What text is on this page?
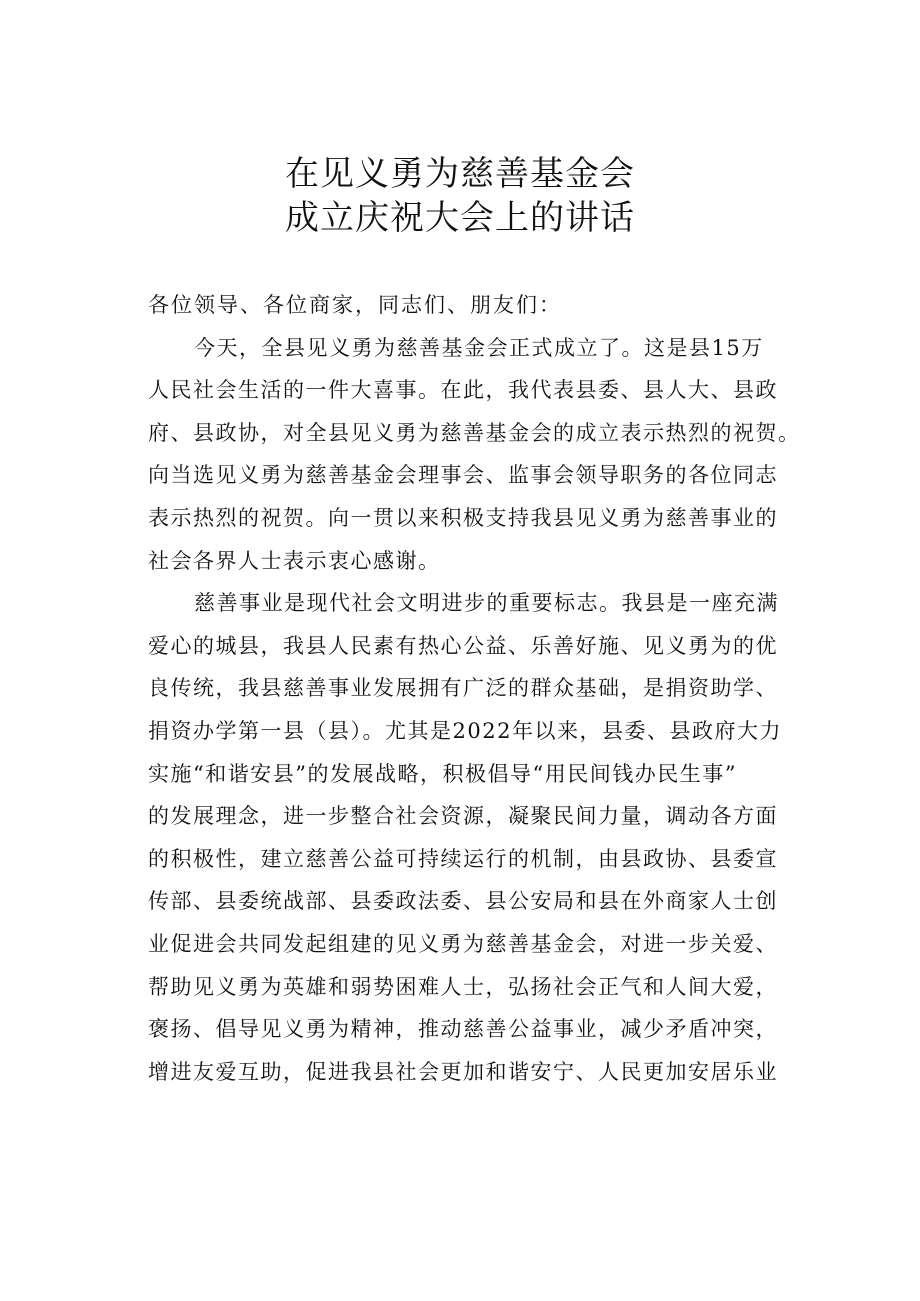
在见义勇为慈善基金会
成立庆祝大会上的讲话
各位领导、各位商家，同志们、朋友们：
今天，全县见义勇为慈善基金会正式成立了。这是县15万
人民社会生活的一件大喜事。在此，我代表县委、县人大、县政
府、县政协，对全县见义勇为慈善基金会的成立表示热烈的祝贺。
向当选见义勇为慈善基金会理事会、监事会领导职务的各位同志
表示热烈的祝贺。向一贯以来积极支持我县见义勇为慈善事业的
社会各界人士表示衷心感谢。
慈善事业是现代社会文明进步的重要标志。我县是一座充满
爱心的城县，我县人民素有热心公益、乐善好施、见义勇为的优
良传统，我县慈善事业发展拥有广泛的群众基础，是捐资助学、
捐资办学第一县（县）。尤其是2022年以来，县委、县政府大力
实施“和谐安县”的发展战略，积极倡导“用民间钱办民生事”
的发展理念，进一步整合社会资源，凝聚民间力量，调动各方面
的积极性，建立慈善公益可持续运行的机制，由县政协、县委宣
传部、县委统战部、县委政法委、县公安局和县在外商家人士创
业促进会共同发起组建的见义勇为慈善基金会，对进一步关爱、
帮助见义勇为英雄和弱势困难人士，弘扬社会正气和人间大爱，
褒扬、倡导见义勇为精神，推动慈善公益事业，减少矛盾冲突，
增进友爱互助，促进我县社会更加和谐安宁、人民更加安居乐业
